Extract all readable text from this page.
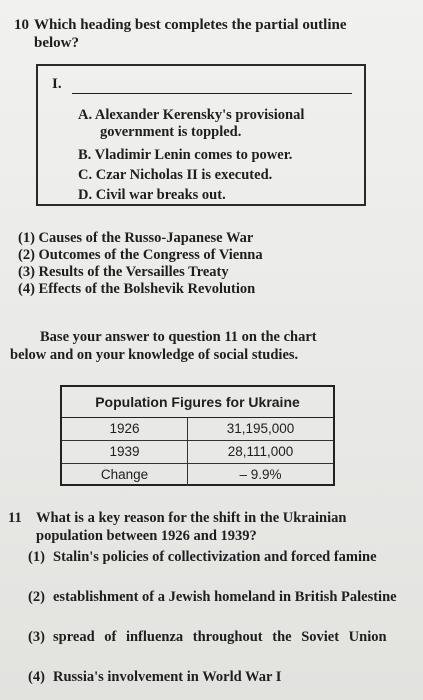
10 Which heading best completes the partial outline
below?
I.
A. Alexander Kerensky's provisional
government is toppled.
B. Vladimir Lenin comes to power.
C. Czar Nicholas II is executed.
D. Civil war breaks out.
(1) Causes of the Russo-Japanese War
(2) Outcomes of the Congress of Vienna
(3) Results of the Versailles Treaty
(4) Effects of the Bolshevik Revolution
Base your answer to question 11 on the chart
below and on your knowledge of social studies.
Population Figures for Ukraine
1926	31,195,000
1939	28,111,000
Change	– 9.9%
11 What is a key reason for the shift in the Ukrainian
population between 1926 and 1939?
(1) Stalin's policies of collectivization and forced famine
(2) establishment of a Jewish homeland in British Palestine
(3) spread of influenza throughout the Soviet Union
(4) Russia's involvement in World War I
